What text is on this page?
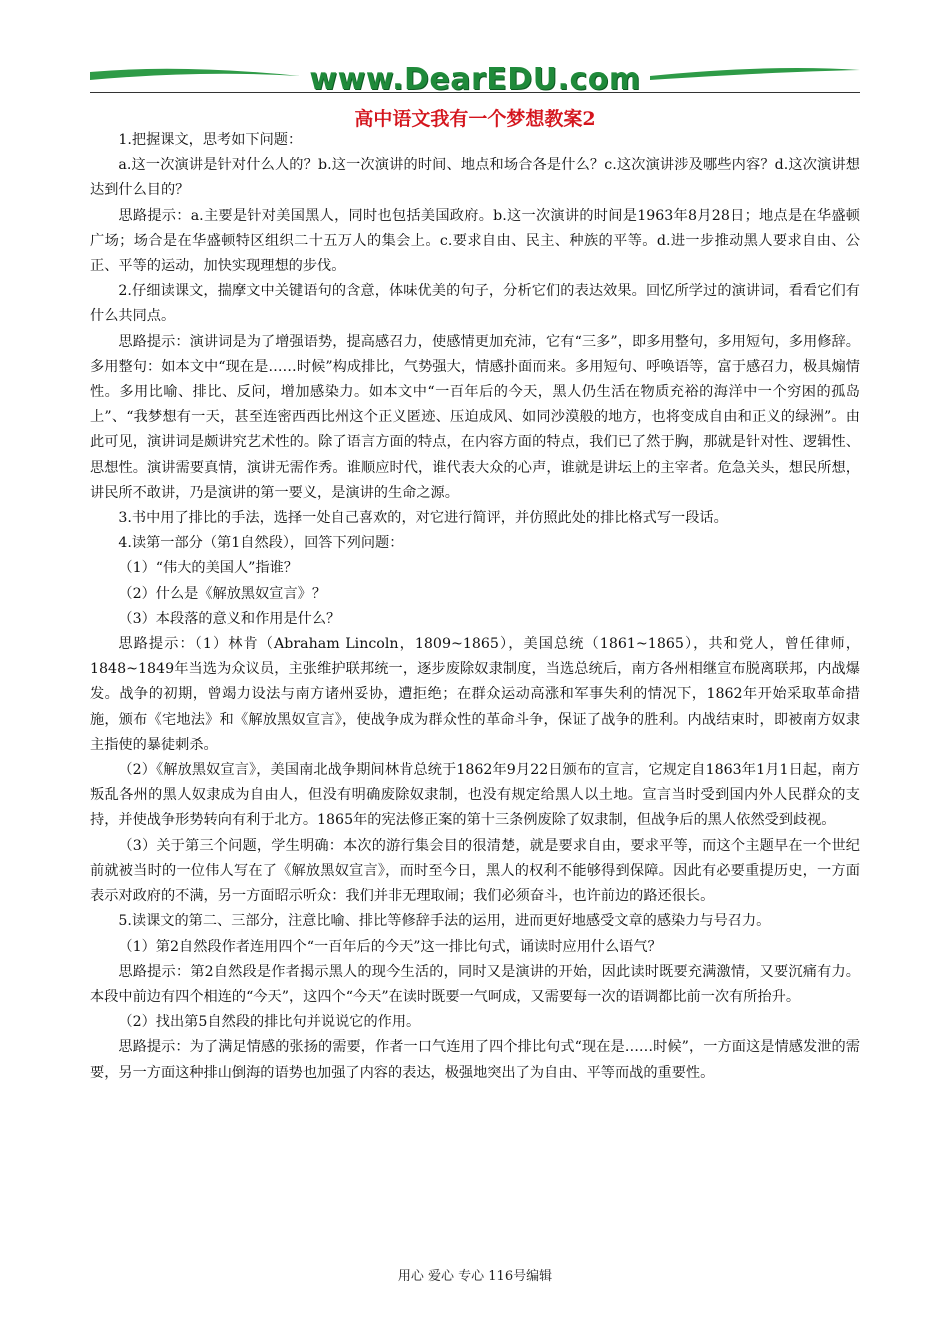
www.DearEDU.com
高中语文我有一个梦想教案2

1.把握课文，思考如下问题：

a.这一次演讲是针对什么人的？b.这一次演讲的时间、地点和场合各是什么？c.这次演讲涉及哪些内容？d.这次演讲想达到什么目的？

思路提示：a.主要是针对美国黑人，同时也包括美国政府。b.这一次演讲的时间是1963年8月28日；地点是在华盛顿广场；场合是在华盛顿特区组织二十五万人的集会上。c.要求自由、民主、种族的平等。d.进一步推动黑人要求自由、公正、平等的运动，加快实现理想的步伐。

2.仔细读课文，揣摩文中关键语句的含意，体味优美的句子，分析它们的表达效果。回忆所学过的演讲词，看看它们有什么共同点。

思路提示：演讲词是为了增强语势，提高感召力，使感情更加充沛，它有“三多”，即多用整句，多用短句，多用修辞。多用整句：如本文中“现在是……时候”构成排比，气势强大，情感扑面而来。多用短句、呼唤语等，富于感召力，极具煽情性。多用比喻、排比、反问，增加感染力。如本文中“一百年后的今天，黑人仍生活在物质充裕的海洋中一个穷困的孤岛上”、“我梦想有一天，甚至连密西西比州这个正义匿迹、压迫成风、如同沙漠般的地方，也将变成自由和正义的绿洲”。由此可见，演讲词是颇讲究艺术性的。除了语言方面的特点，在内容方面的特点，我们已了然于胸，那就是针对性、逻辑性、思想性。演讲需要真情，演讲无需作秀。谁顺应时代，谁代表大众的心声，谁就是讲坛上的主宰者。危急关头，想民所想，讲民所不敢讲，乃是演讲的第一要义，是演讲的生命之源。

3.书中用了排比的手法，选择一处自己喜欢的，对它进行简评，并仿照此处的排比格式写一段话。

4.读第一部分（第1自然段），回答下列问题：

（1）“伟大的美国人”指谁？

（2）什么是《解放黑奴宣言》？

（3）本段落的意义和作用是什么？

思路提示：（1）林肯（Abraham Lincoln，1809~1865），美国总统（1861~1865），共和党人，曾任律师，1848~1849年当选为众议员，主张维护联邦统一，逐步废除奴隶制度，当选总统后，南方各州相继宣布脱离联邦，内战爆发。战争的初期，曾竭力设法与南方诸州妥协，遭拒绝；在群众运动高涨和军事失利的情况下，1862年开始采取革命措施，颁布《宅地法》和《解放黑奴宣言》，使战争成为群众性的革命斗争，保证了战争的胜利。内战结束时，即被南方奴隶主指使的暴徒刺杀。

（2）《解放黑奴宣言》，美国南北战争期间林肯总统于1862年9月22日颁布的宣言，它规定自1863年1月1日起，南方叛乱各州的黑人奴隶成为自由人，但没有明确废除奴隶制，也没有规定给黑人以土地。宣言当时受到国内外人民群众的支持，并使战争形势转向有利于北方。1865年的宪法修正案的第十三条例废除了奴隶制，但战争后的黑人依然受到歧视。

（3）关于第三个问题，学生明确：本次的游行集会目的很清楚，就是要求自由，要求平等，而这个主题早在一个世纪前就被当时的一位伟人写在了《解放黑奴宣言》，而时至今日，黑人的权利不能够得到保障。因此有必要重提历史，一方面表示对政府的不满，另一方面昭示听众：我们并非无理取闹；我们必须奋斗，也许前边的路还很长。

5.读课文的第二、三部分，注意比喻、排比等修辞手法的运用，进而更好地感受文章的感染力与号召力。

（1）第2自然段作者连用四个“一百年后的今天”这一排比句式，诵读时应用什么语气？

思路提示：第2自然段是作者揭示黑人的现今生活的，同时又是演讲的开始，因此读时既要充满激情，又要沉痛有力。本段中前边有四个相连的“今天”，这四个“今天”在读时既要一气呵成，又需要每一次的语调都比前一次有所抬升。

（2）找出第5自然段的排比句并说说它的作用。

思路提示：为了满足情感的张扬的需要，作者一口气连用了四个排比句式“现在是……时候”，一方面这是情感发泄的需要，另一方面这种排山倒海的语势也加强了内容的表达，极强地突出了为自由、平等而战的重要性。

用心 爱心 专心 116号编辑
